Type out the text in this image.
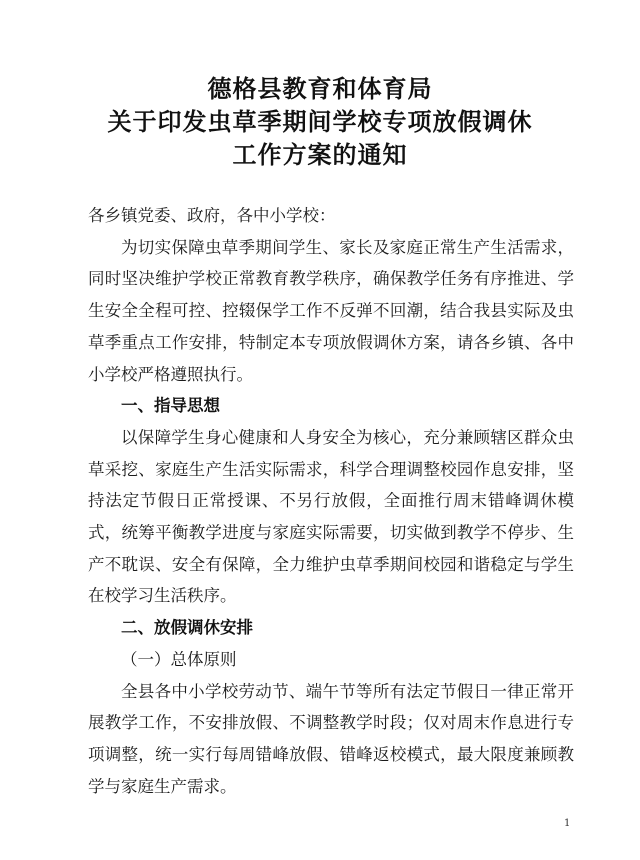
德格县教育和体育局
关于印发虫草季期间学校专项放假调休
工作方案的通知

各乡镇党委、政府，各中小学校：

为切实保障虫草季期间学生、家长及家庭正常生产生活需求，同时坚决维护学校正常教育教学秩序，确保教学任务有序推进、学生安全全程可控、控辍保学工作不反弹不回潮，结合我县实际及虫草季重点工作安排，特制定本专项放假调休方案，请各乡镇、各中小学校严格遵照执行。

一、指导思想

以保障学生身心健康和人身安全为核心，充分兼顾辖区群众虫草采挖、家庭生产生活实际需求，科学合理调整校园作息安排，坚持法定节假日正常授课、不另行放假，全面推行周末错峰调休模式，统筹平衡教学进度与家庭实际需要，切实做到教学不停步、生产不耽误、安全有保障，全力维护虫草季期间校园和谐稳定与学生在校学习生活秩序。

二、放假调休安排

（一）总体原则

全县各中小学校劳动节、端午节等所有法定节假日一律正常开展教学工作，不安排放假、不调整教学时段；仅对周末作息进行专项调整，统一实行每周错峰放假、错峰返校模式，最大限度兼顾教学与家庭生产需求。

1
